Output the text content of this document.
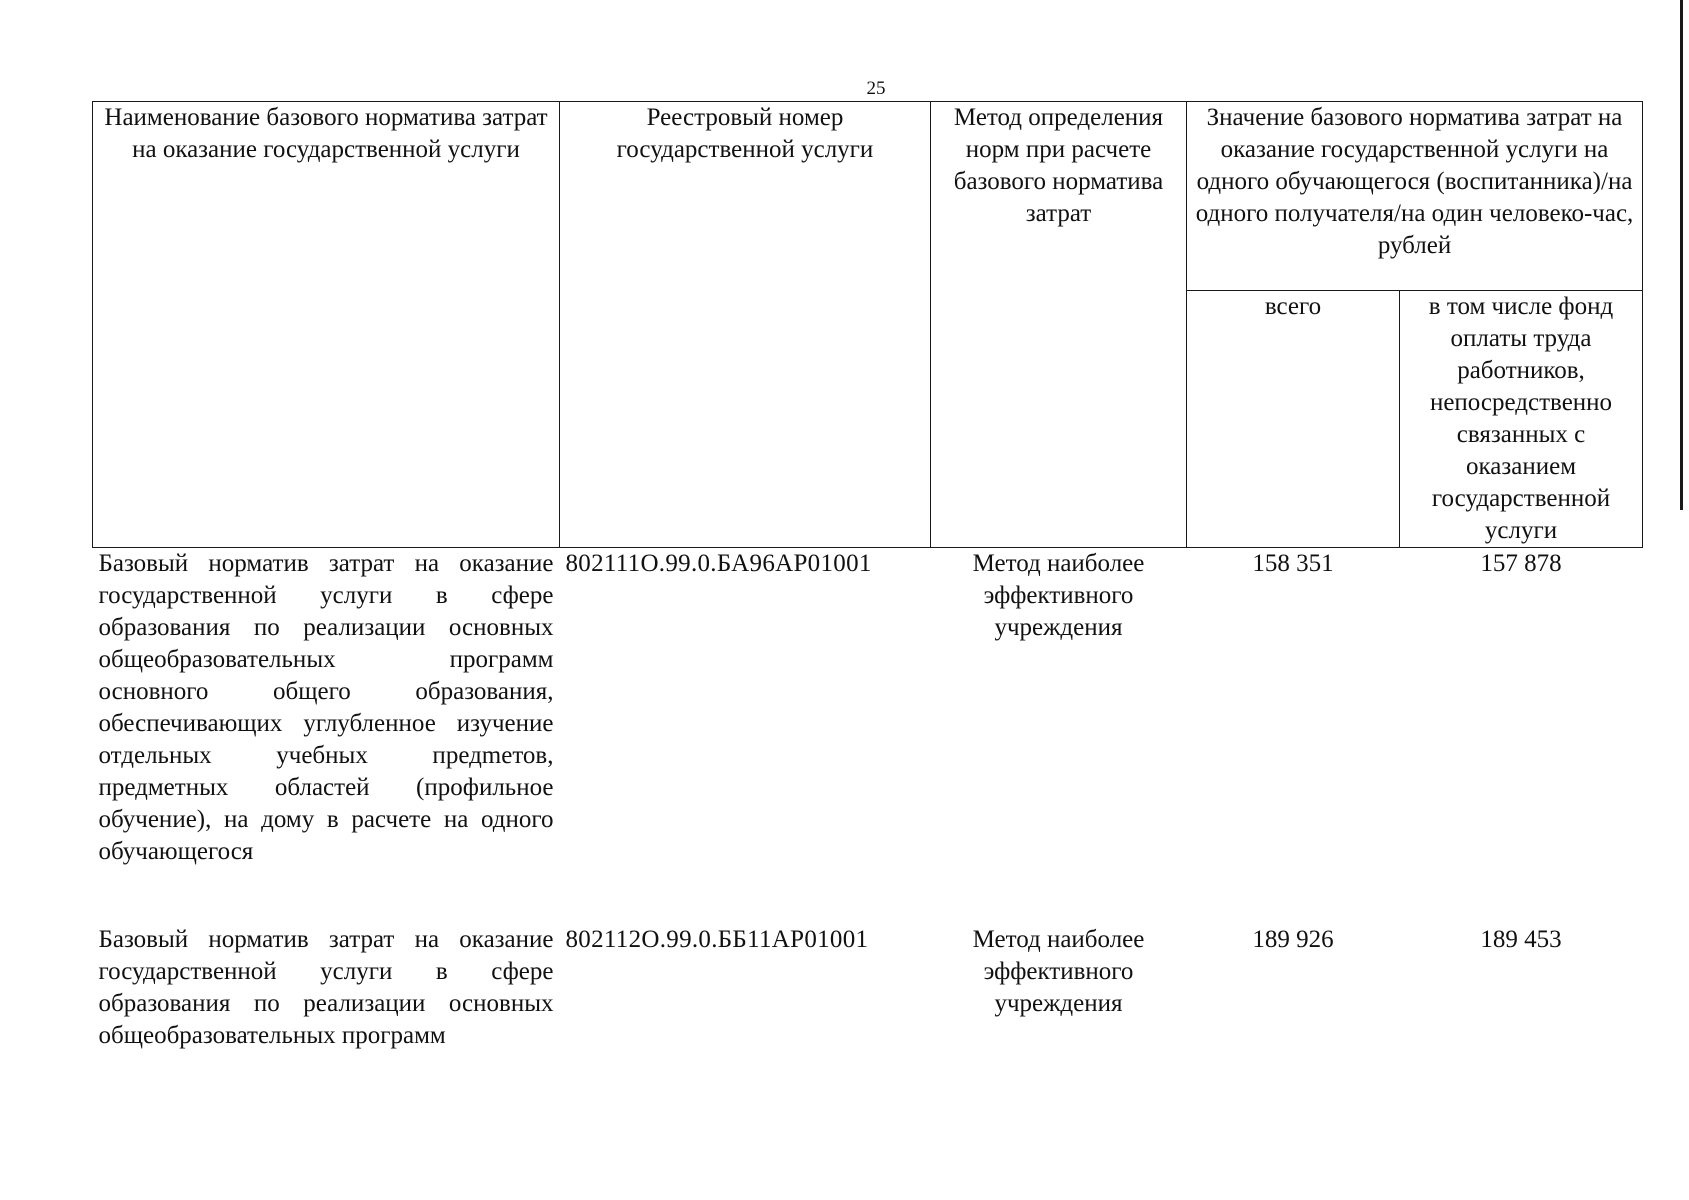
25
Наименование базового норматива затрат на оказание государственной услуги	Реестровый номер государственной услуги	Метод определения норм при расчете базового норматива затрат	Значение базового норматива затрат на оказание государственной услуги на одного обучающегося (воспитанника)/на одного получателя/на один человеко-час, рублей	
			всего	в том числе фонд оплаты труда работников, непосредственно связанных с оказанием государственной услуги
Базовый норматив затрат на оказание государственной услуги в сфере образования по реализации основных общеобразовательных программ основного общего образования, обеспечивающих углубленное изучение отдельных учебных предmетов, предметных областей (профильное обучение), на дому в расчете на одного обучающегося	802111О.99.0.БА96АР01001	Метод наиболее эффективного учреждения	158 351	157 878
Базовый норматив затрат на оказание государственной услуги в сфере образования по реализации основных общеобразовательных программ	802112О.99.0.ББ11АР01001	Метод наиболее эффективного учреждения	189 926	189 453
